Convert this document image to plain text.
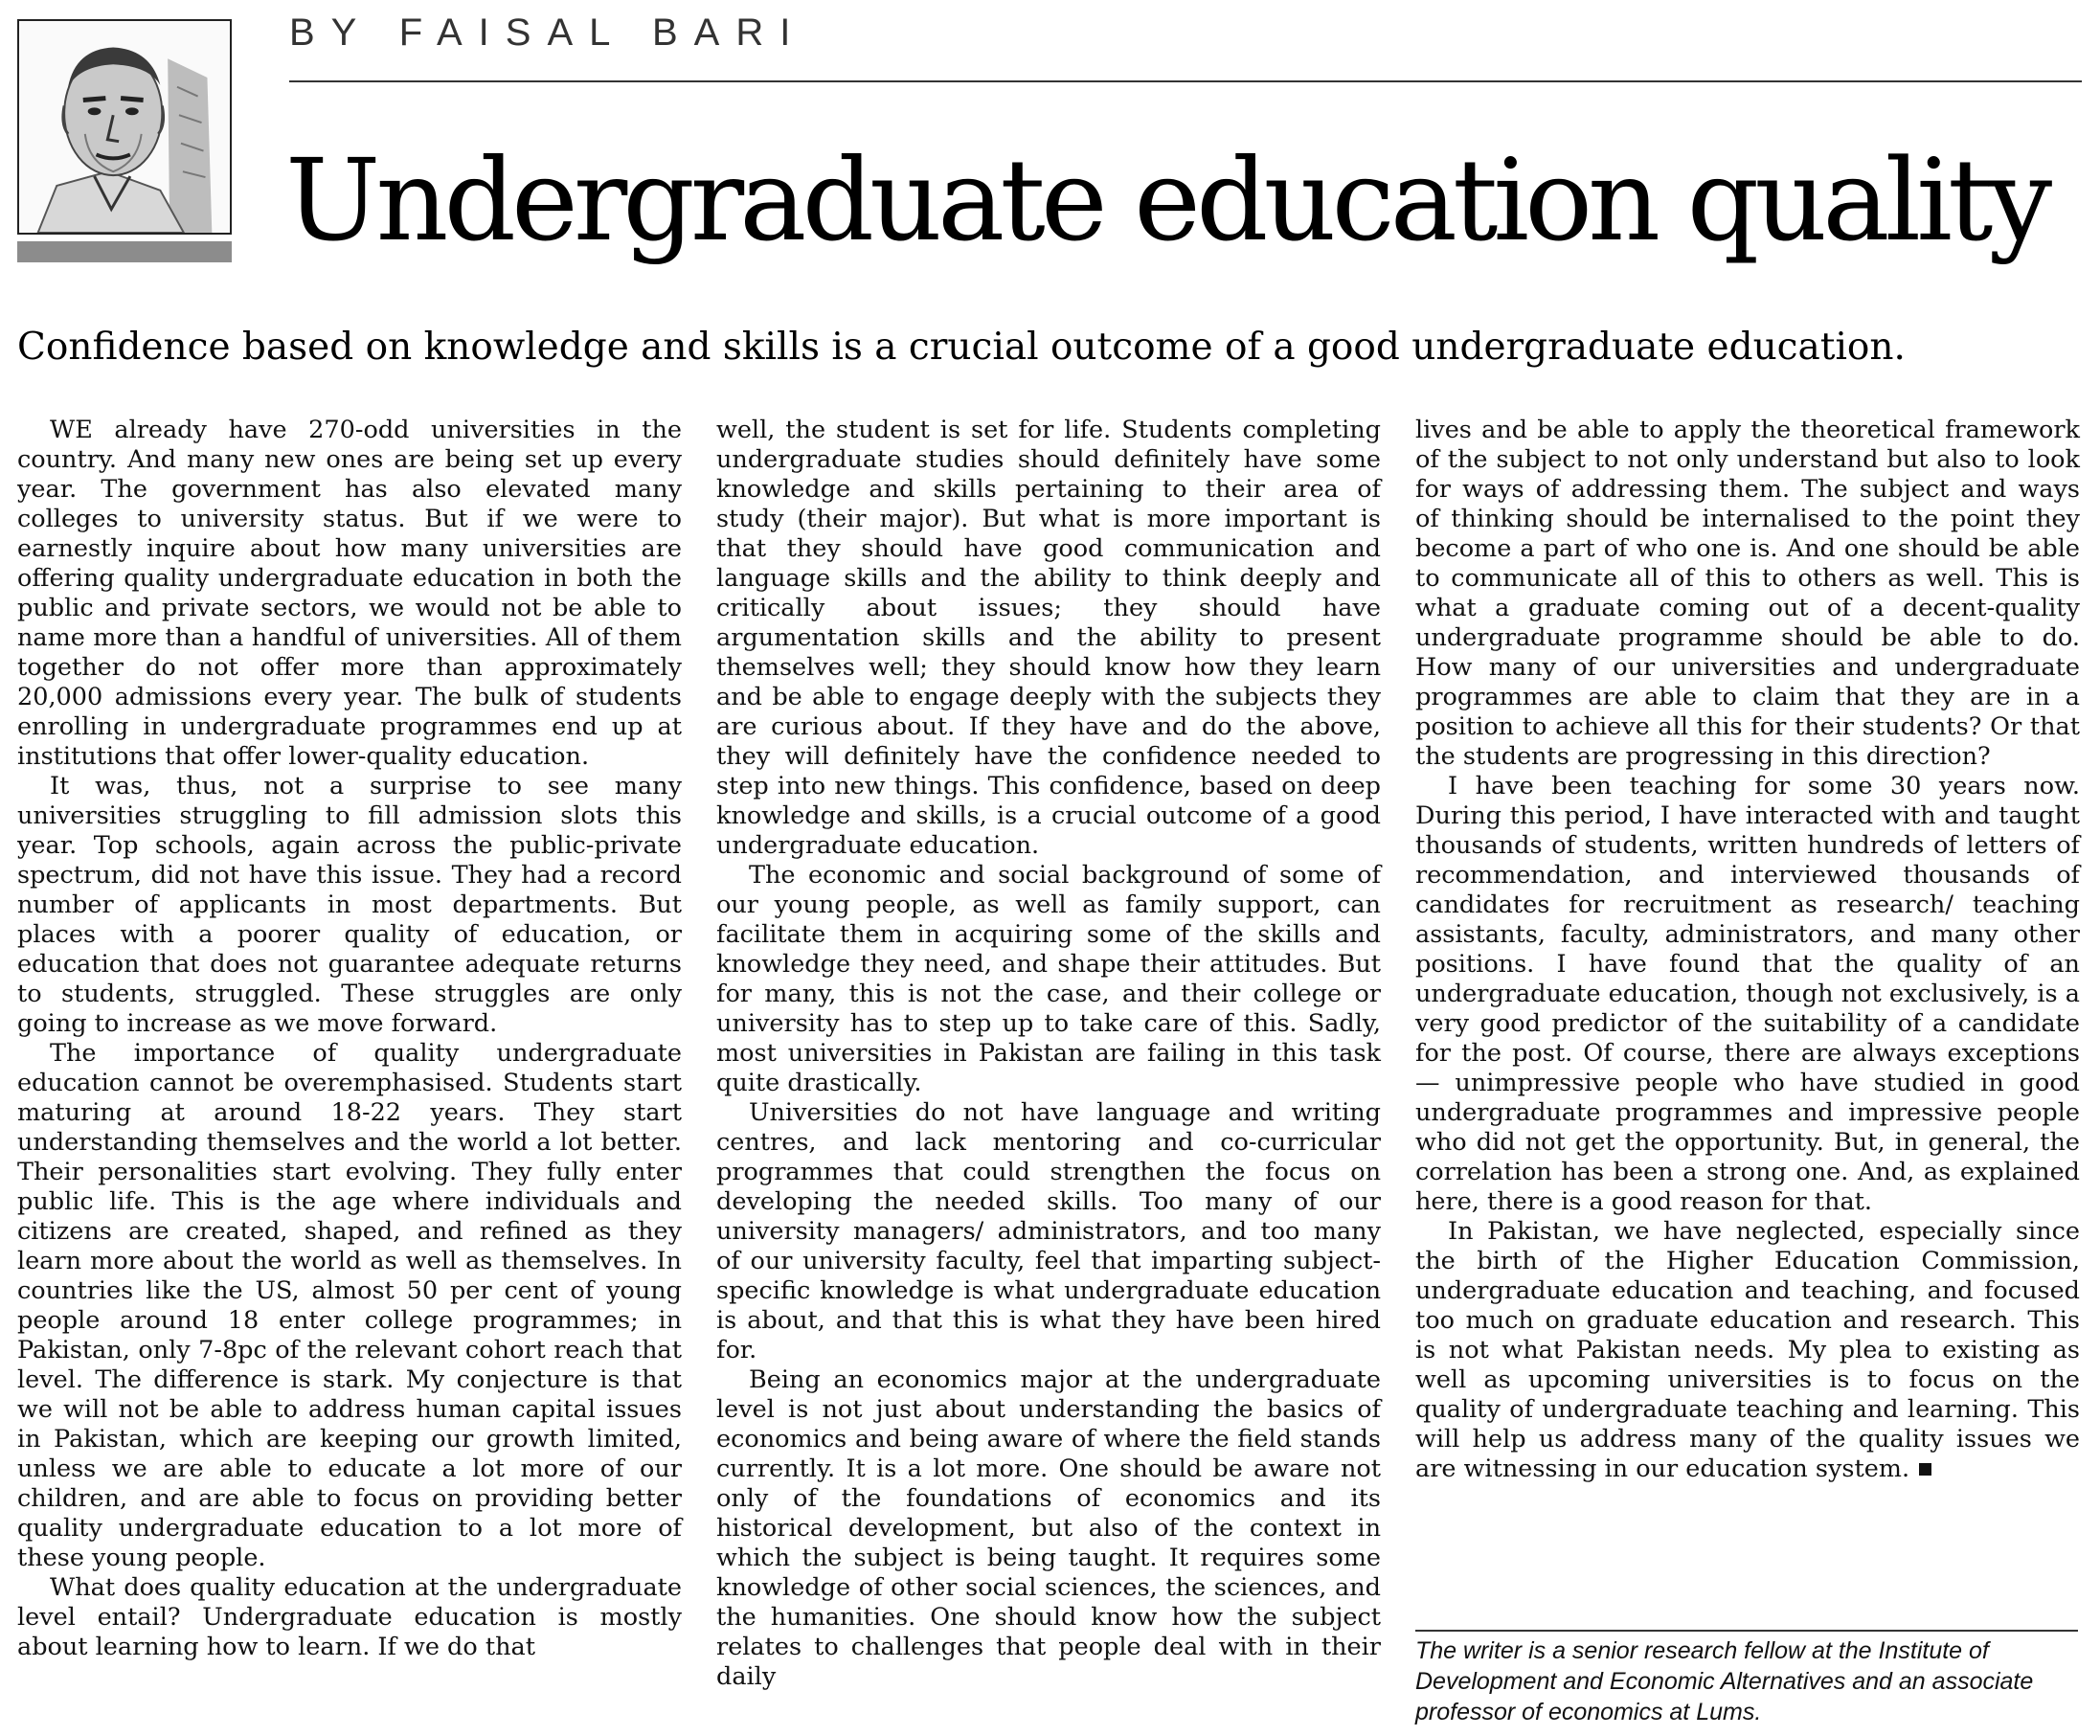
BY FAISAL BARI
Undergraduate education quality

Confidence based on knowledge and skills is a crucial outcome of a good undergraduate education.

WE already have 270-odd universities in the country. And many new ones are being set up every year. The government has also elevated many colleges to university status. But if we were to earnestly inquire about how many universities are offering quality undergraduate education in both the public and private sectors, we would not be able to name more than a handful of universities. All of them together do not offer more than approximately 20,000 admissions every year. The bulk of students enrolling in undergraduate programmes end up at institutions that offer lower-quality education.

It was, thus, not a surprise to see many universities struggling to fill admission slots this year. Top schools, again across the public-private spectrum, did not have this issue. They had a record number of applicants in most departments. But places with a poorer quality of education, or education that does not guarantee adequate returns to students, struggled. These struggles are only going to increase as we move forward.

The importance of quality undergraduate education cannot be overemphasised. Students start maturing at around 18-22 years. They start understanding themselves and the world a lot better. Their personalities start evolving. They fully enter public life. This is the age where individuals and citizens are created, shaped, and refined as they learn more about the world as well as themselves. In countries like the US, almost 50 per cent of young people around 18 enter college programmes; in Pakistan, only 7-8pc of the relevant cohort reach that level. The difference is stark. My conjecture is that we will not be able to address human capital issues in Pakistan, which are keeping our growth limited, unless we are able to educate a lot more of our children, and are able to focus on providing better quality undergraduate education to a lot more of these young people.

What does quality education at the undergraduate level entail? Undergraduate education is mostly about learning how to learn. If we do that

well, the student is set for life. Students completing undergraduate studies should definitely have some knowledge and skills pertaining to their area of study (their major). But what is more important is that they should have good communication and language skills and the ability to think deeply and critically about issues; they should have argumentation skills and the ability to present themselves well; they should know how they learn and be able to engage deeply with the subjects they are curious about. If they have and do the above, they will definitely have the confidence needed to step into new things. This confidence, based on deep knowledge and skills, is a crucial outcome of a good undergraduate education.

The economic and social background of some of our young people, as well as family support, can facilitate them in acquiring some of the skills and knowledge they need, and shape their attitudes. But for many, this is not the case, and their college or university has to step up to take care of this. Sadly, most universities in Pakistan are failing in this task quite drastically.

Universities do not have language and writing centres, and lack mentoring and co-curricular programmes that could strengthen the focus on developing the needed skills. Too many of our university managers/ administrators, and too many of our university faculty, feel that imparting subject-specific knowledge is what undergraduate education is about, and that this is what they have been hired for.

Being an economics major at the undergraduate level is not just about understanding the basics of economics and being aware of where the field stands currently. It is a lot more. One should be aware not only of the foundations of economics and its historical development, but also of the context in which the subject is being taught. It requires some knowledge of other social sciences, the sciences, and the humanities. One should know how the subject relates to challenges that people deal with in their daily

lives and be able to apply the theoretical framework of the subject to not only understand but also to look for ways of addressing them. The subject and ways of thinking should be internalised to the point they become a part of who one is. And one should be able to communicate all of this to others as well. This is what a graduate coming out of a decent-quality undergraduate programme should be able to do. How many of our universities and undergraduate programmes are able to claim that they are in a position to achieve all this for their students? Or that the students are progressing in this direction?

I have been teaching for some 30 years now. During this period, I have interacted with and taught thousands of students, written hundreds of letters of recommendation, and interviewed thousands of candidates for recruitment as research/ teaching assistants, faculty, administrators, and many other positions. I have found that the quality of an undergraduate education, though not exclusively, is a very good predictor of the suitability of a candidate for the post. Of course, there are always exceptions — unimpressive people who have studied in good undergraduate programmes and impressive people who did not get the opportunity. But, in general, the correlation has been a strong one. And, as explained here, there is a good reason for that.

In Pakistan, we have neglected, especially since the birth of the Higher Education Commission, undergraduate education and teaching, and focused too much on graduate education and research. This is not what Pakistan needs. My plea to existing as well as upcoming universities is to focus on the quality of undergraduate teaching and learning. This will help us address many of the quality issues we are witnessing in our education system.

The writer is a senior research fellow at the Institute of Development and Economic Alternatives and an associate professor of economics at Lums.
